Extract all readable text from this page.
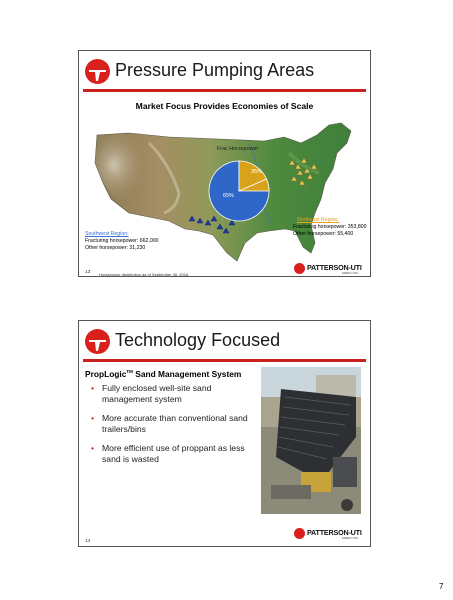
Pressure Pumping Areas
Market Focus Provides Economies of Scale
Frac Horsepower
35%
65%
Northeast Region:
Fracturing horsepower: 353,800
Other horsepower: 55,400
Southwest Region:
Fracturing horsepower: 662,000
Other horsepower: 31,230
13 Horsepower distribution as of September 30, 2016
PATTERSON-UTI
ENERGY INC.
Technology Focused
PropLogic™ Sand Management System
• Fully enclosed well-site sand management system
• More accurate than conventional sand trailers/bins
• More efficient use of proppant as less sand is wasted
14
PATTERSON-UTI
ENERGY INC.
7
